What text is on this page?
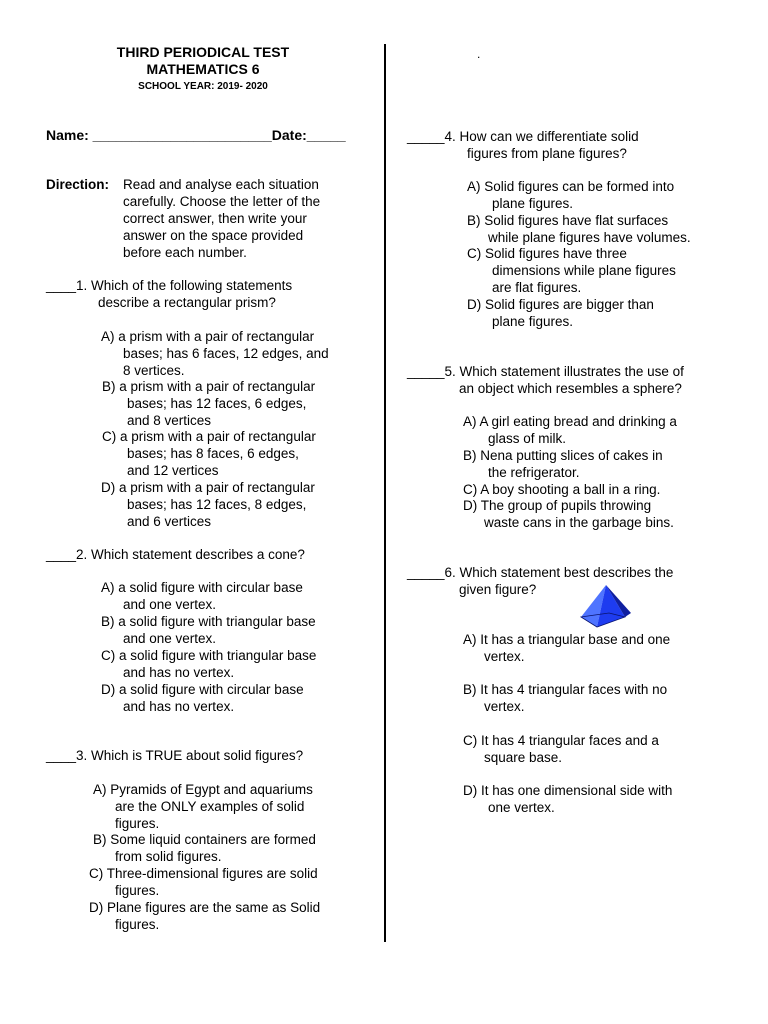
THIRD PERIODICAL TEST
MATHEMATICS 6
SCHOOL YEAR: 2019- 2020
.
Name: _______________________Date:_____
Direction: Read and analyse each situation
carefully. Choose the letter of the
correct answer, then write your
answer on the space provided
before each number.
____1. Which of the following statements
describe a rectangular prism?
A) a prism with a pair of rectangular
bases; has 6 faces, 12 edges, and
8 vertices.
B) a prism with a pair of rectangular
bases; has 12 faces, 6 edges,
and 8 vertices
C) a prism with a pair of rectangular
bases; has 8 faces, 6 edges,
and 12 vertices
D) a prism with a pair of rectangular
bases; has 12 faces, 8 edges,
and 6 vertices
____2. Which statement describes a cone?
A) a solid figure with circular base
and one vertex.
B) a solid figure with triangular base
and one vertex.
C) a solid figure with triangular base
and has no vertex.
D) a solid figure with circular base
and has no vertex.
____3. Which is TRUE about solid figures?
A) Pyramids of Egypt and aquariums
are the ONLY examples of solid
figures.
B) Some liquid containers are formed
from solid figures.
C) Three-dimensional figures are solid
figures.
D) Plane figures are the same as Solid
figures.
_____4. How can we differentiate solid
figures from plane figures?
A) Solid figures can be formed into
plane figures.
B) Solid figures have flat surfaces
while plane figures have volumes.
C) Solid figures have three
dimensions while plane figures
are flat figures.
D) Solid figures are bigger than
plane figures.
_____5. Which statement illustrates the use of
an object which resembles a sphere?
A) A girl eating bread and drinking a
glass of milk.
B) Nena putting slices of cakes in
the refrigerator.
C) A boy shooting a ball in a ring.
D) The group of pupils throwing
waste cans in the garbage bins.
_____6. Which statement best describes the
given figure?
A) It has a triangular base and one
vertex.
B) It has 4 triangular faces with no
vertex.
C) It has 4 triangular faces and a
square base.
D) It has one dimensional side with
one vertex.
